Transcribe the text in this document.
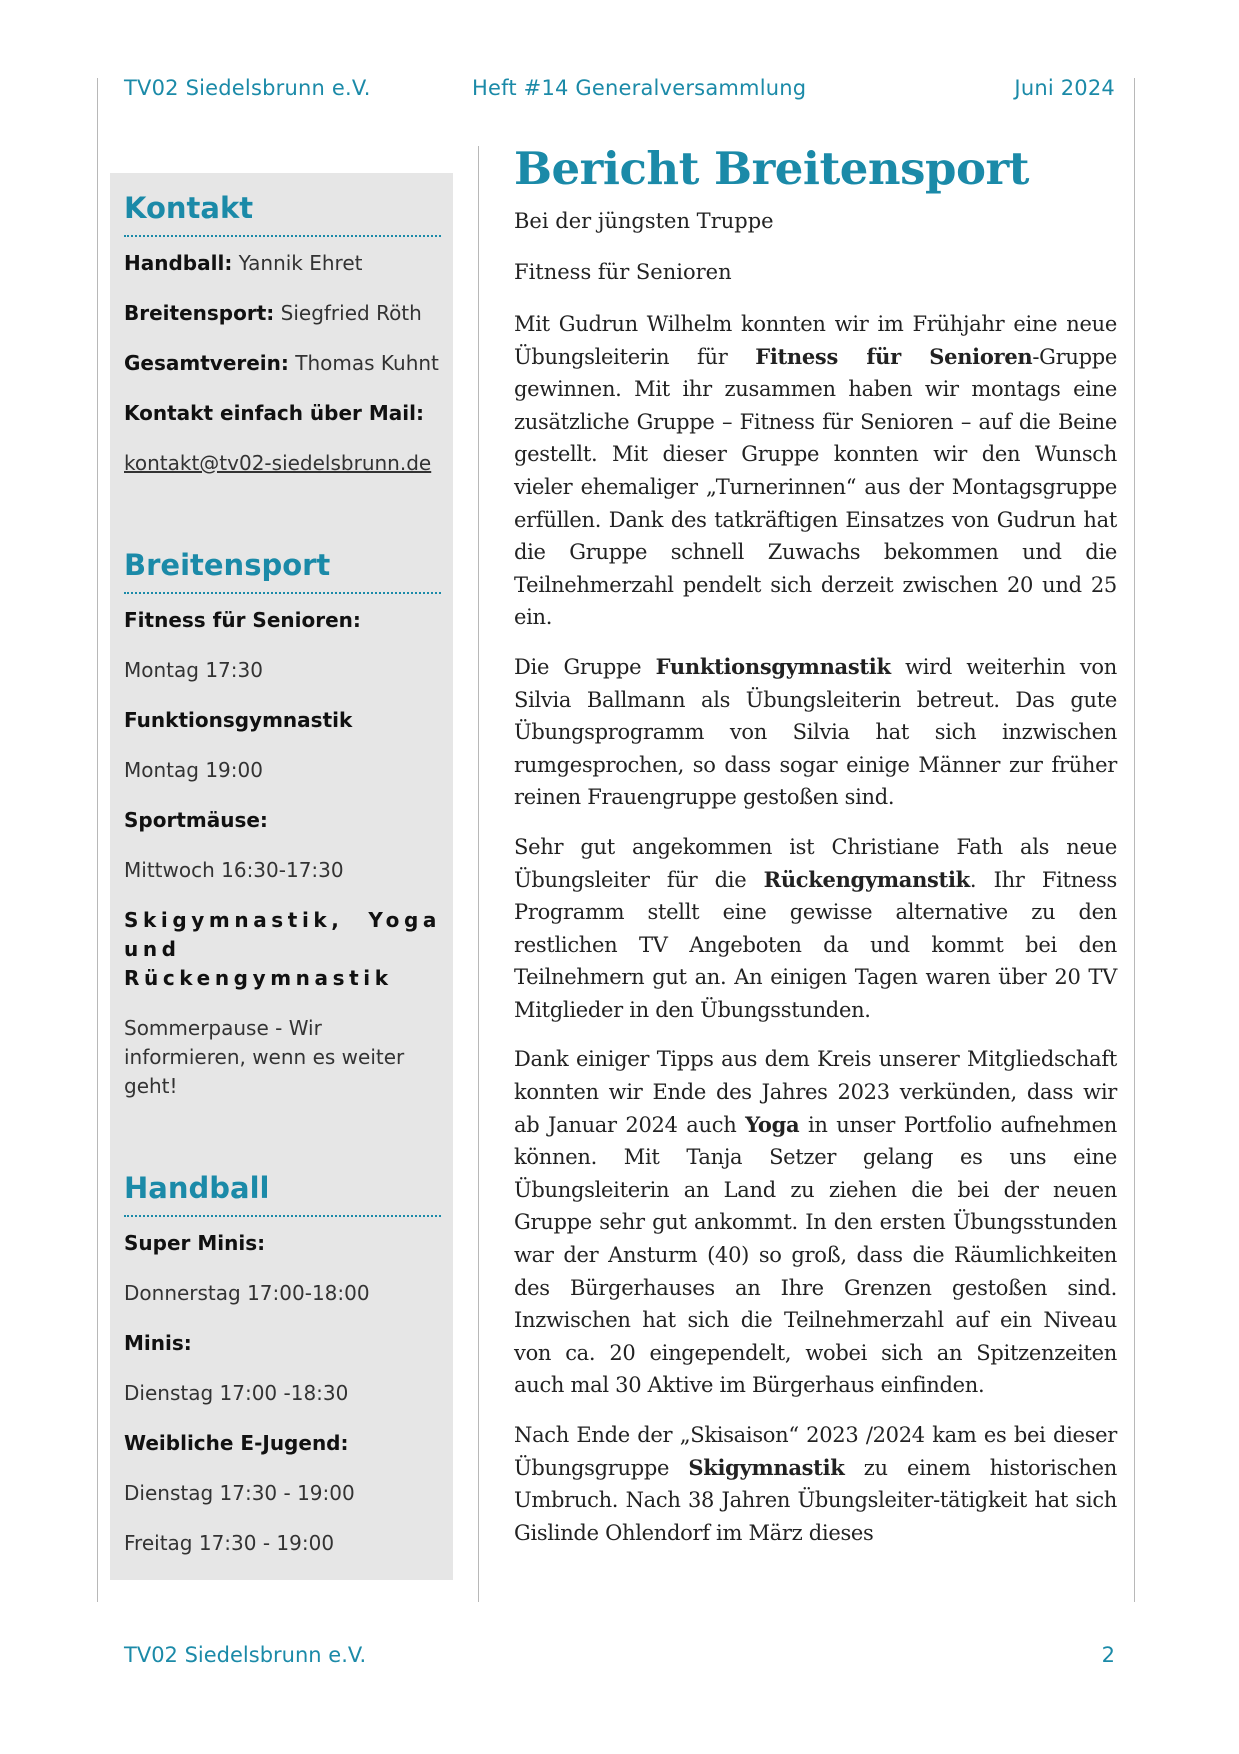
TV02 Siedelsbrunn e.V.	Heft #14 Generalversammlung	Juni 2024
Kontakt

Handball: Yannik Ehret

Breitensport: Siegfried Röth

Gesamtverein: Thomas Kuhnt

Kontakt einfach über Mail:

kontakt@tv02-siedelsbrunn.de

Breitensport

Fitness für Senioren:

Montag 17:30

Funktionsgymnastik

Montag 19:00

Sportmäuse:

Mittwoch 16:30-17:30

Skigymnastik, Yoga und Rückengymnastik

Sommerpause - Wir informieren, wenn es weiter geht!

Handball

Super Minis:

Donnerstag 17:00-18:00

Minis:

Dienstag 17:00 -18:30

Weibliche E-Jugend:

Dienstag 17:30 - 19:00

Freitag 17:30 - 19:00

Bericht Breitensport

Bei der jüngsten Truppe

Fitness für Senioren

Mit Gudrun Wilhelm konnten wir im Frühjahr eine neue Übungsleiterin für Fitness für Senioren-Gruppe gewinnen. Mit ihr zusammen haben wir montags eine zusätzliche Gruppe – Fitness für Senioren – auf die Beine gestellt. Mit dieser Gruppe konnten wir den Wunsch vieler ehemaliger „Turnerinnen“ aus der Montagsgruppe erfüllen. Dank des tatkräftigen Einsatzes von Gudrun hat die Gruppe schnell Zuwachs bekommen und die Teilnehmerzahl pendelt sich derzeit zwischen 20 und 25 ein.

Die Gruppe Funktionsgymnastik wird weiterhin von Silvia Ballmann als Übungsleiterin betreut. Das gute Übungsprogramm von Silvia hat sich inzwischen rumgesprochen, so dass sogar einige Männer zur früher reinen Frauengruppe gestoßen sind.

Sehr gut angekommen ist Christiane Fath als neue Übungsleiter für die Rückengymanstik. Ihr Fitness Programm stellt eine gewisse alternative zu den restlichen TV Angeboten da und kommt bei den Teilnehmern gut an. An einigen Tagen waren über 20 TV Mitglieder in den Übungsstunden.

Dank einiger Tipps aus dem Kreis unserer Mitgliedschaft konnten wir Ende des Jahres 2023 verkünden, dass wir ab Januar 2024 auch Yoga in unser Portfolio aufnehmen können. Mit Tanja Setzer gelang es uns eine Übungsleiterin an Land zu ziehen die bei der neuen Gruppe sehr gut ankommt. In den ersten Übungsstunden war der Ansturm (40) so groß, dass die Räumlichkeiten des Bürgerhauses an Ihre Grenzen gestoßen sind. Inzwischen hat sich die Teilnehmerzahl auf ein Niveau von ca. 20 eingependelt, wobei sich an Spitzenzeiten auch mal 30 Aktive im Bürgerhaus einfinden.

Nach Ende der „Skisaison“ 2023 /2024 kam es bei dieser Übungsgruppe Skigymnastik zu einem historischen Umbruch. Nach 38 Jahren Übungsleiter-tätigkeit hat sich Gislinde Ohlendorf im März dieses

TV02 Siedelsbrunn e.V.	2
